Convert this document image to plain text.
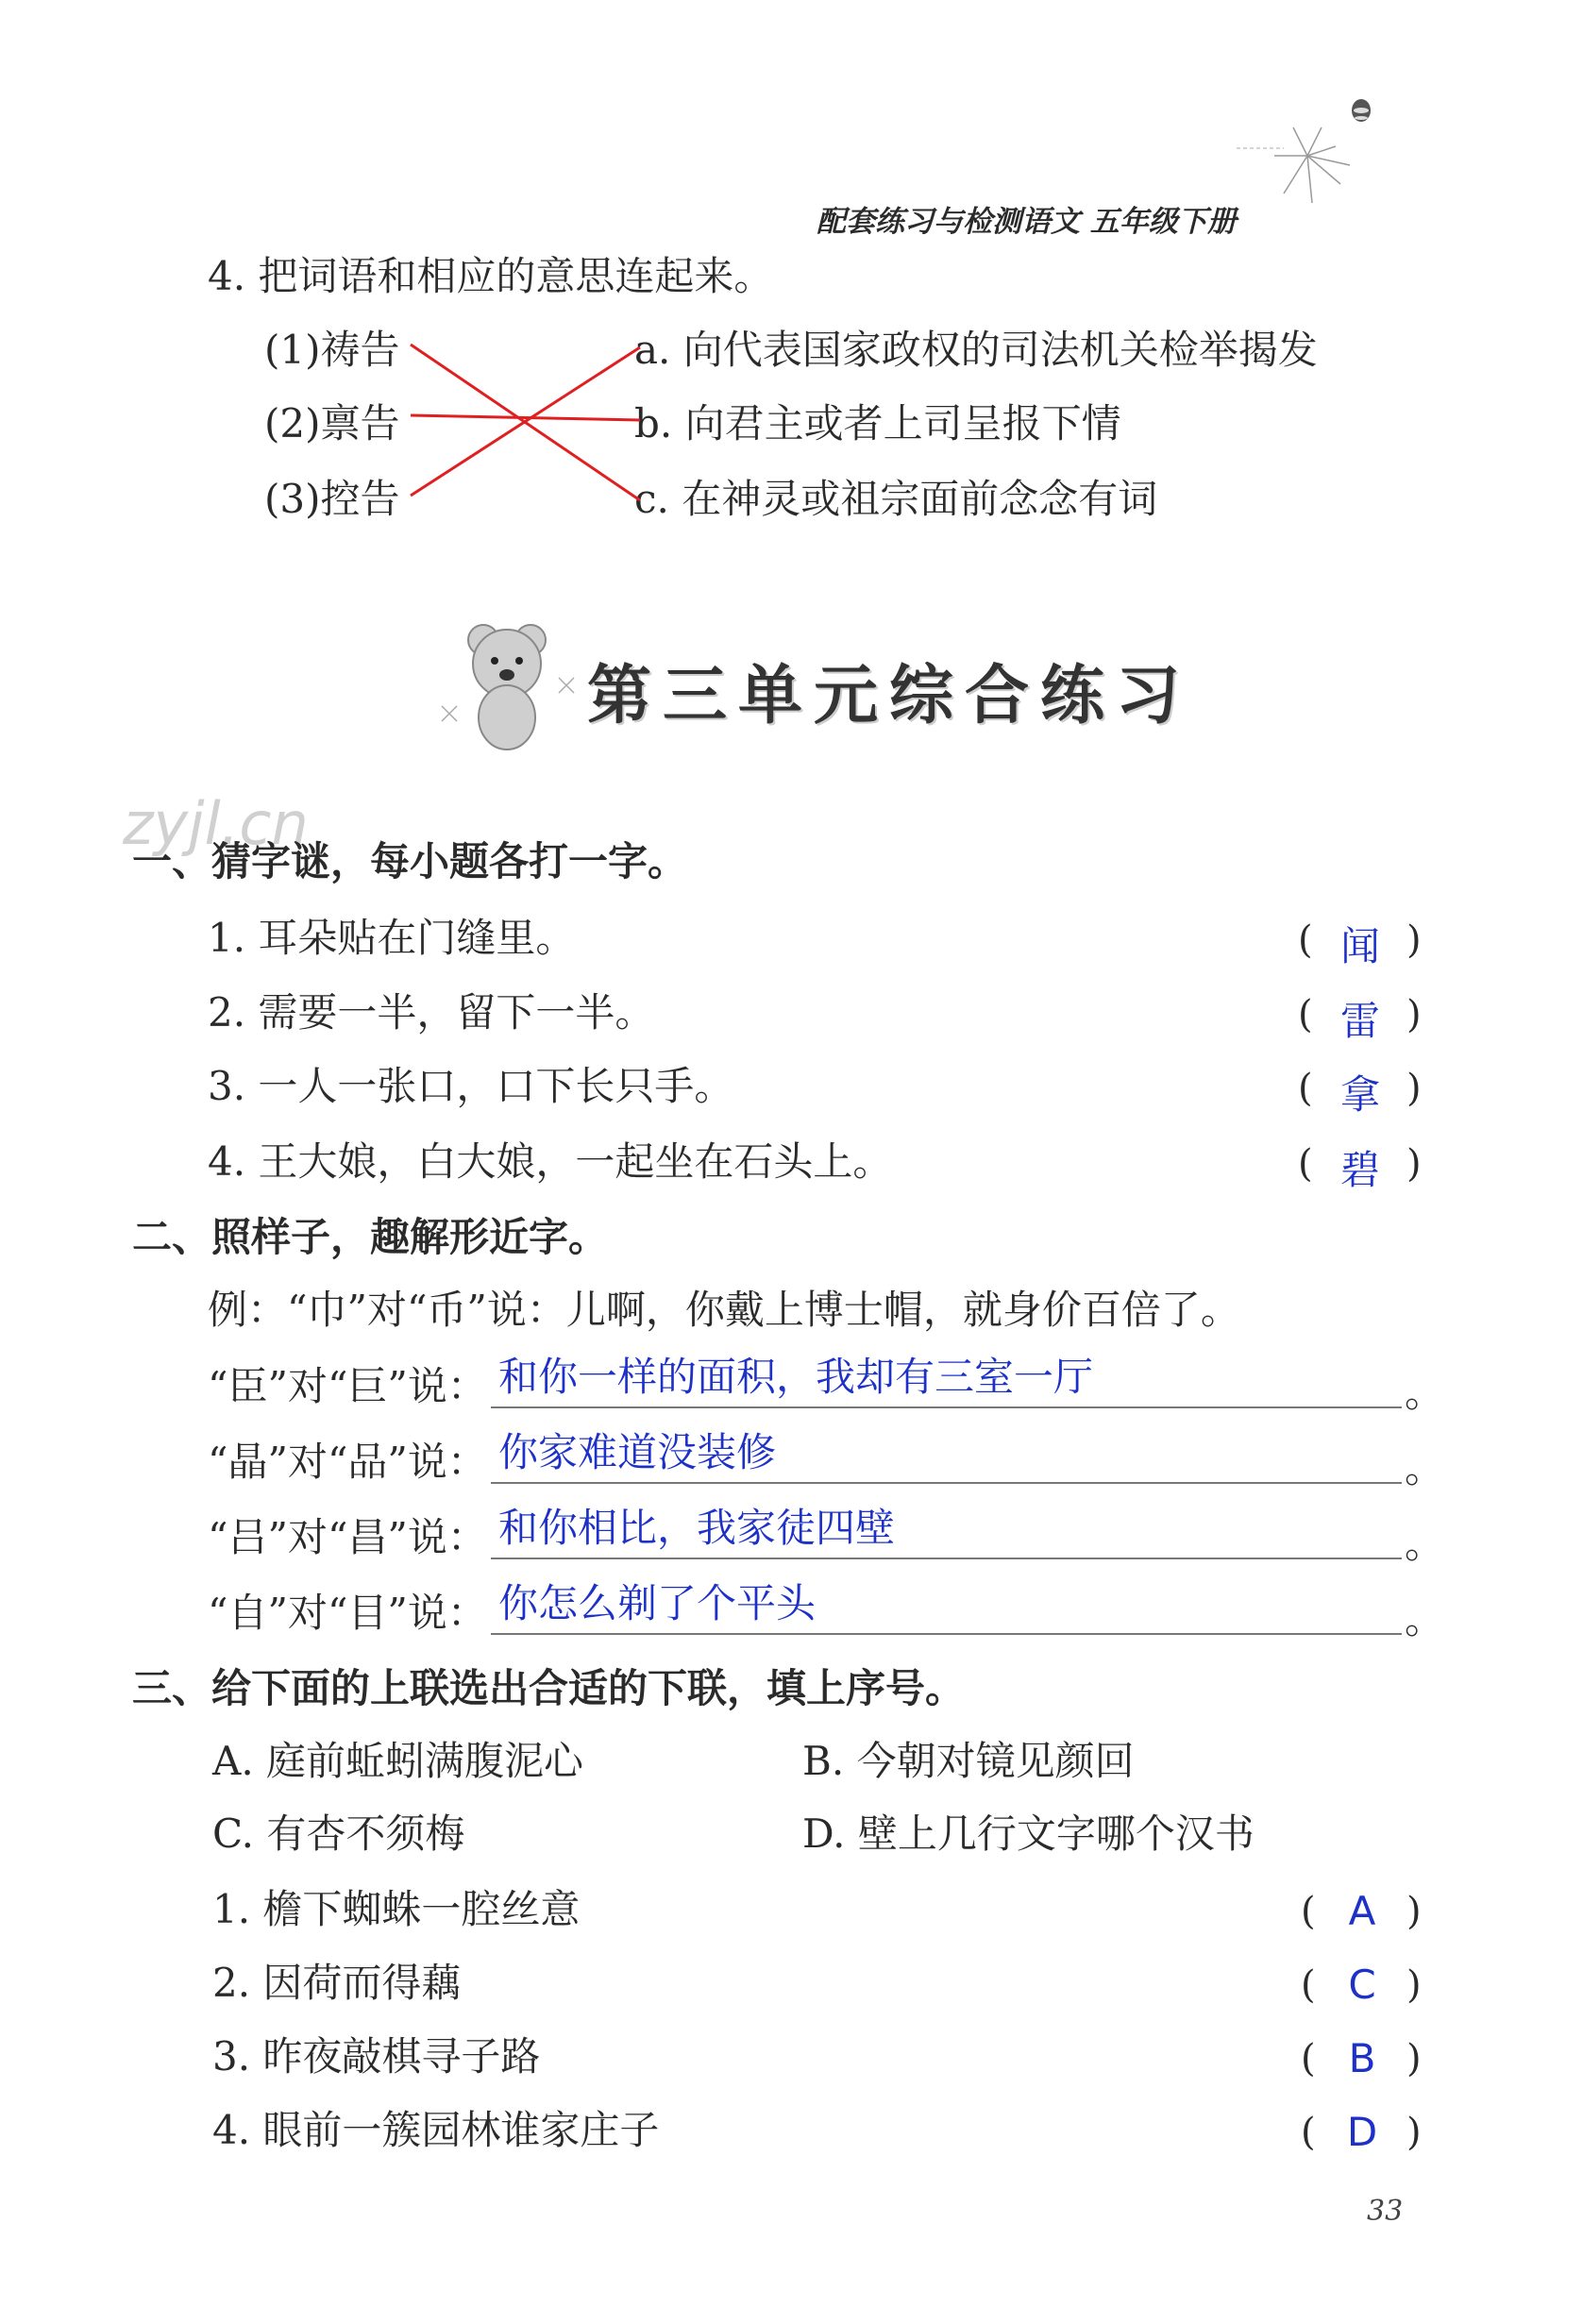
配套练习与检测语文 五年级下册
4. 把词语和相应的意思连起来。
(1)祷告
(2)禀告
(3)控告
a. 向代表国家政权的司法机关检举揭发
b. 向君主或者上司呈报下情
c. 在神灵或祖宗面前念念有词
第三单元综合练习
zyjl.cn
一、猜字谜，每小题各打一字。
1. 耳朵贴在门缝里。	( 闻 )
2. 需要一半，留下一半。	( 雷 )
3. 一人一张口，口下长只手。	( 拿 )
4. 王大娘，白大娘，一起坐在石头上。	( 碧 )
二、照样子，趣解形近字。
例：“巾”对“币”说：儿啊，你戴上博士帽，就身价百倍了。
“臣”对“巨”说： 和你一样的面积，我却有三室一厅	。
“晶”对“品”说： 你家难道没装修	。
“吕”对“昌”说： 和你相比，我家徒四壁	。
“自”对“目”说： 你怎么剃了个平头	。
三、给下面的上联选出合适的下联，填上序号。
A. 庭前蚯蚓满腹泥心	B. 今朝对镜见颜回
C. 有杏不须梅	D. 壁上几行文字哪个汉书
1. 檐下蜘蛛一腔丝意	( A )
2. 因荷而得藕	( C )
3. 昨夜敲棋寻子路	( B )
4. 眼前一簇园林谁家庄子	( D )
33
